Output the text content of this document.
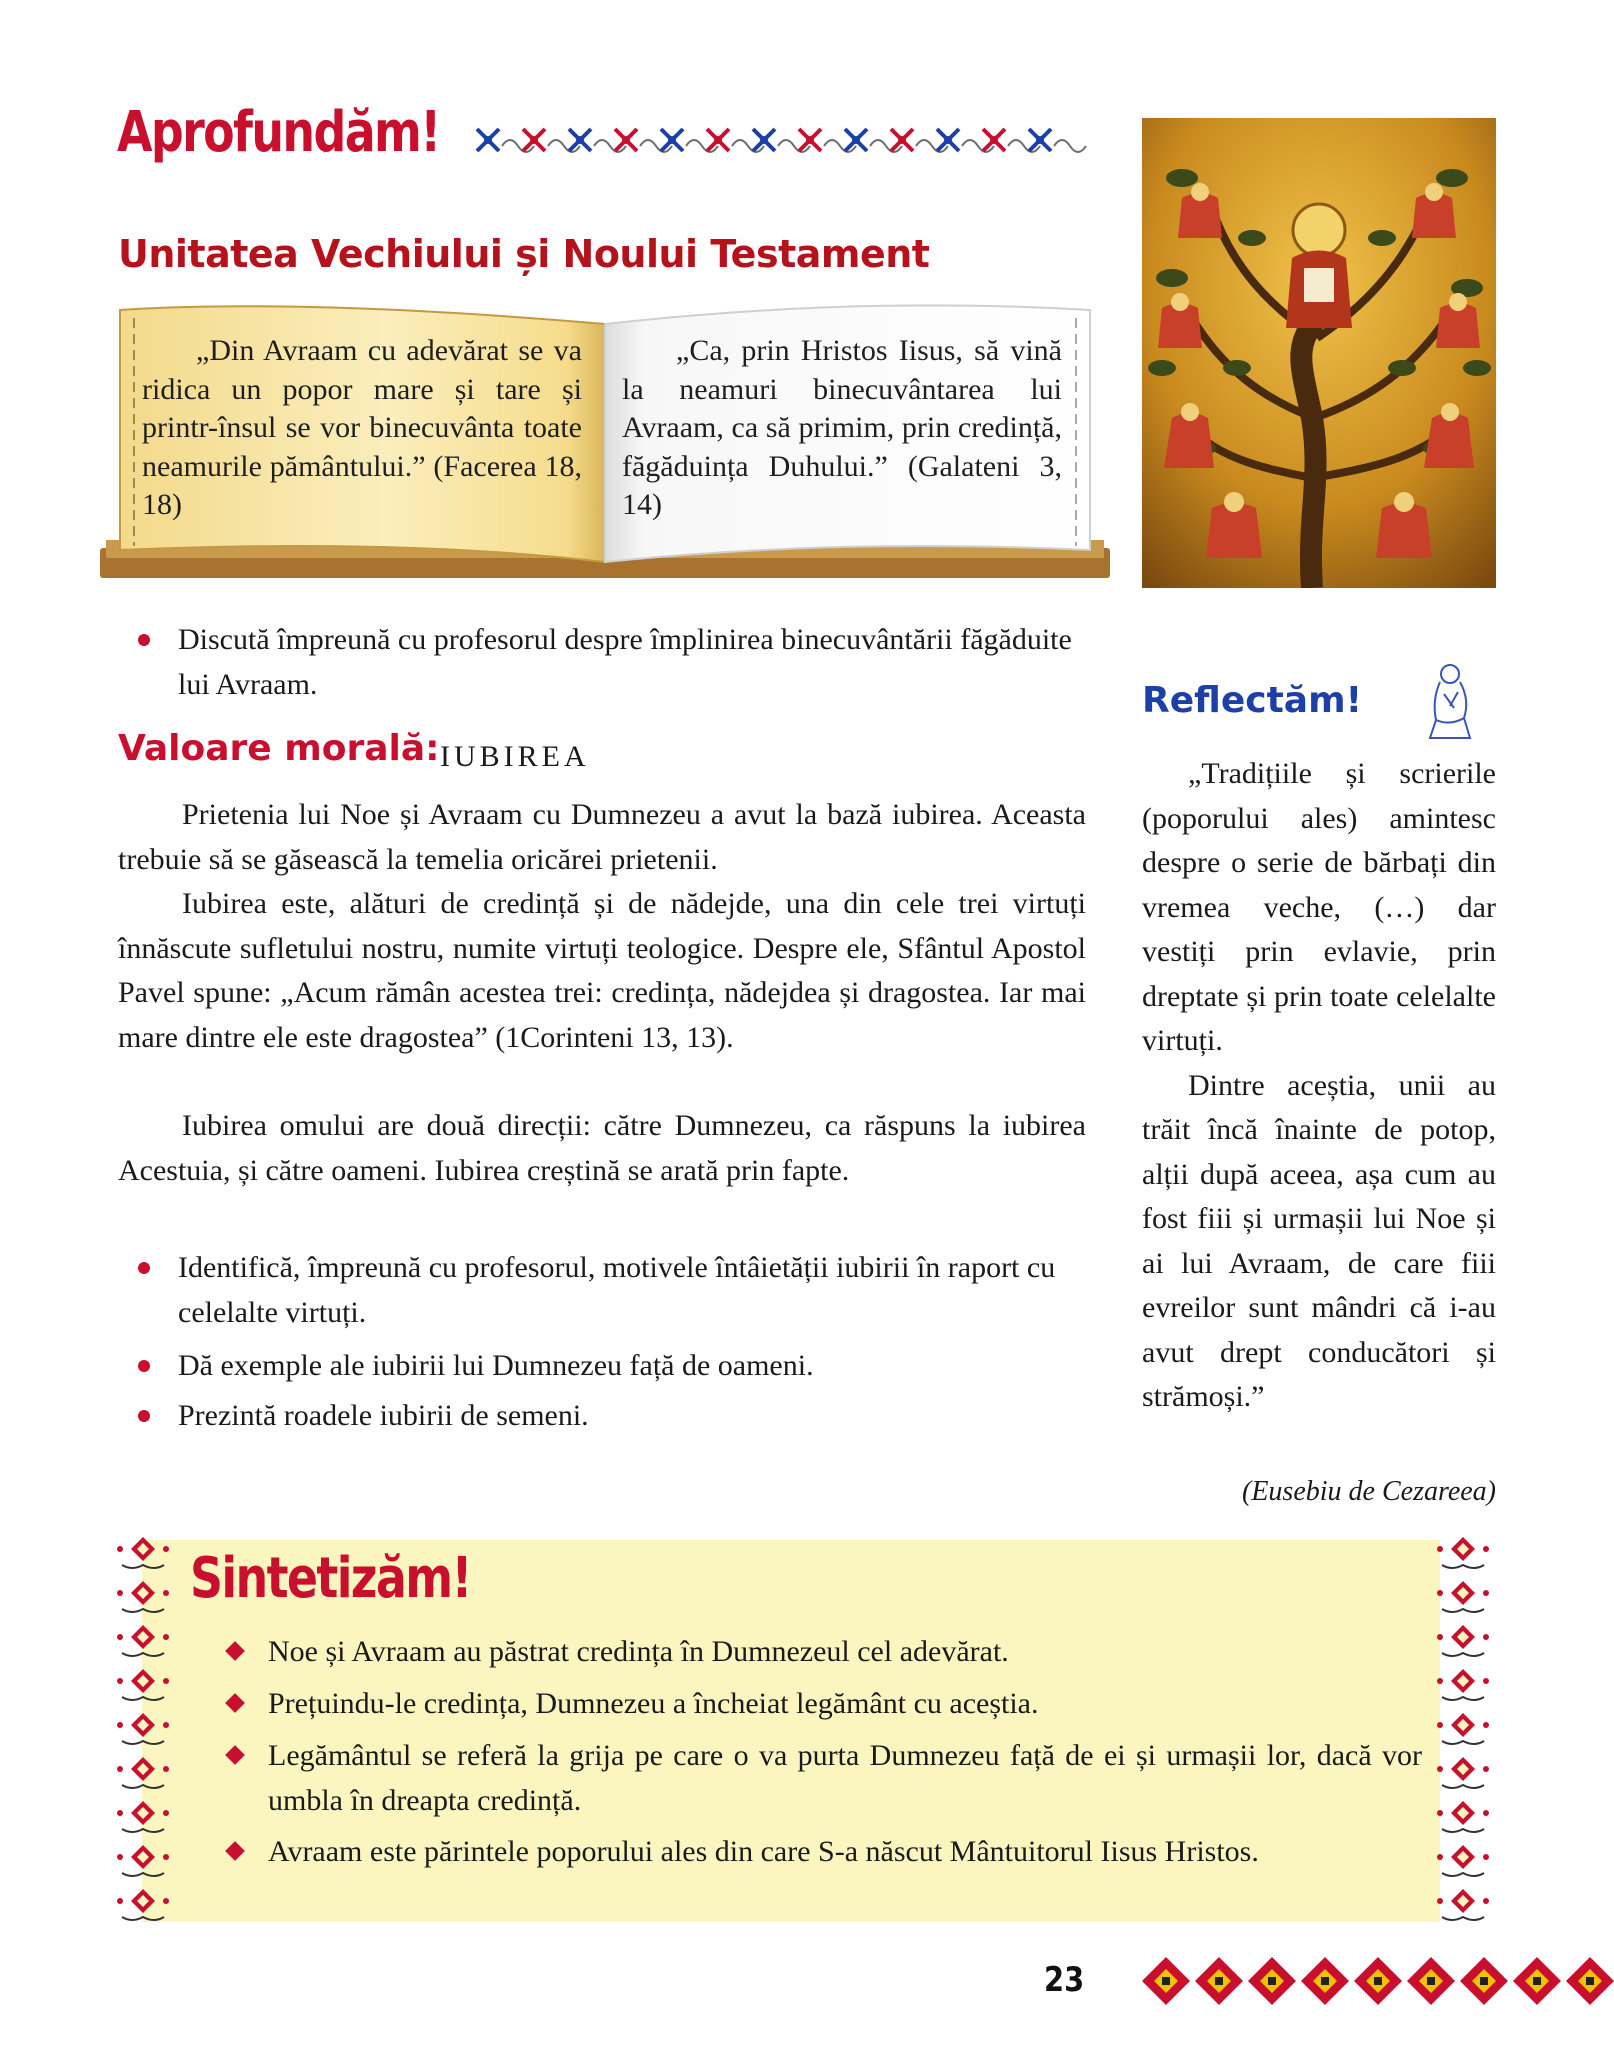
Aprofundăm!
Unitatea Vechiului și Noului Testament
„Din Avraam cu adevărat se va ridica un popor mare și tare și printr-însul se vor binecuvânta toate neamurile pământului.” (Facerea 18, 18)
„Ca, prin Hristos Iisus, să vină la neamuri binecuvântarea lui Avraam, ca să primim, prin credință, făgăduința Duhului.” (Galateni 3, 14)
Discută împreună cu profesorul despre împlinirea binecuvântării făgăduite lui Avraam.
Valoare morală: IUBIREA
Prietenia lui Noe și Avraam cu Dumnezeu a avut la bază iubirea. Aceasta trebuie să se găsească la temelia oricărei prietenii.
Iubirea este, alături de credință și de nădejde, una din cele trei virtuți înnăscute sufletului nostru, numite virtuți teologice. Despre ele, Sfântul Apostol Pavel spune: „Acum rămân acestea trei: credința, nădejdea și dragostea. Iar mai mare dintre ele este dragostea” (1Corinteni 13, 13).
Iubirea omului are două direcții: către Dumnezeu, ca răspuns la iubirea Acestuia, și către oameni. Iubirea creștină se arată prin fapte.
Identifică, împreună cu profesorul, motivele întâietății iubirii în raport cu celelalte virtuți.
Dă exemple ale iubirii lui Dumnezeu față de oameni.
Prezintă roadele iubirii de semeni.
Reflectăm!

„Tradițiile și scrierile (poporului ales) amintesc despre o serie de bărbați din vremea veche, (…) dar vestiți prin evlavie, prin dreptate și prin toate celelalte virtuți.

Dintre aceștia, unii au trăit încă înainte de potop, alții după aceea, așa cum au fost fiii și urmașii lui Noe și ai lui Avraam, de care fiii evreilor sunt mândri că i-au avut drept conducători și strămoși.”

(Eusebiu de Cezareea)
Sintetizăm!
Noe și Avraam au păstrat credința în Dumnezeul cel adevărat.
Prețuindu-le credința, Dumnezeu a încheiat legământ cu aceștia.
Legământul se referă la grija pe care o va purta Dumnezeu față de ei și urmașii lor, dacă vor umbla în dreapta credință.
Avraam este părintele poporului ales din care S-a născut Mântuitorul Iisus Hristos.
23
